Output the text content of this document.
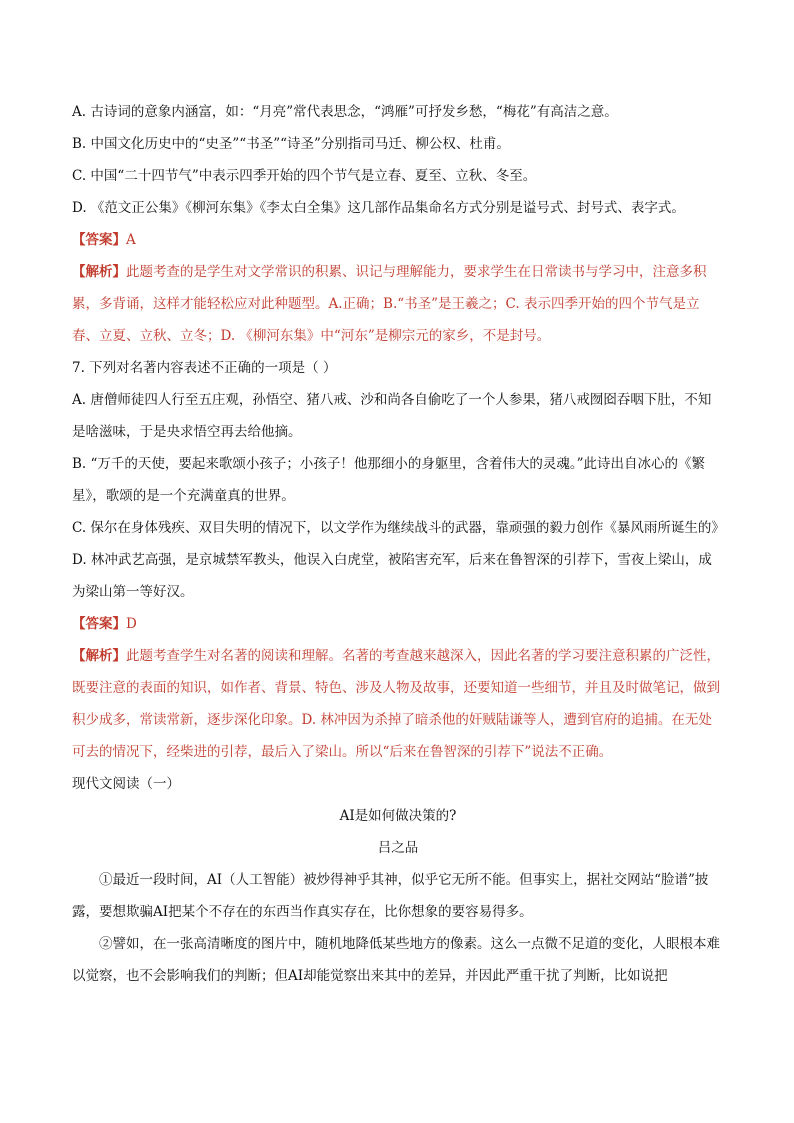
A. 古诗词的意象内涵富，如：“月亮”常代表思念，“鸿雁”可抒发乡愁，“梅花”有高洁之意。
B. 中国文化历史中的“史圣”“书圣”“诗圣”分别指司马迁、柳公权、杜甫。
C. 中国“二十四节气”中表示四季开始的四个节气是立春、夏至、立秋、冬至。
D. 《范文正公集》《柳河东集》《李太白全集》这几部作品集命名方式分别是谥号式、封号式、表字式。
【答案】A
【解析】此题考查的是学生对文学常识的积累、识记与理解能力，要求学生在日常读书与学习中，注意多积累，多背诵，这样才能轻松应对此种题型。A.正确；B.“书圣”是王羲之；C. 表示四季开始的四个节气是立春、立夏、立秋、立冬；D. 《柳河东集》中“河东”是柳宗元的家乡，不是封号。
7. 下列对名著内容表述不正确的一项是（ ）
A. 唐僧师徒四人行至五庄观，孙悟空、猪八戒、沙和尚各自偷吃了一个人参果，猪八戒囫囵吞咽下肚，不知是啥滋味，于是央求悟空再去给他摘。
B. “万千的天使，要起来歌颂小孩子；小孩子！他那细小的身躯里，含着伟大的灵魂。”此诗出自冰心的《繁星》，歌颂的是一个充满童真的世界。
C. 保尔在身体残疾、双目失明的情况下，以文学作为继续战斗的武器，靠顽强的毅力创作《暴风雨所诞生的》
D. 林冲武艺高强，是京城禁军教头，他误入白虎堂，被陷害充军，后来在鲁智深的引荐下，雪夜上梁山，成为梁山第一等好汉。
【答案】D
【解析】此题考查学生对名著的阅读和理解。名著的考查越来越深入，因此名著的学习要注意积累的广泛性，既要注意的表面的知识，如作者、背景、特色、涉及人物及故事，还要知道一些细节，并且及时做笔记，做到积少成多，常读常新，逐步深化印象。D. 林冲因为杀掉了暗杀他的奸贼陆谦等人，遭到官府的追捕。在无处可去的情况下，经柴进的引荐，最后入了梁山。所以“后来在鲁智深的引荐下”说法不正确。
现代文阅读（一）
AI是如何做决策的?
吕之品
①最近一段时间，AI（人工智能）被炒得神乎其神，似乎它无所不能。但事实上，据社交网站“脸谱”披露，要想欺骗AI把某个不存在的东西当作真实存在，比你想象的要容易得多。
②譬如，在一张高清晰度的图片中，随机地降低某些地方的像素。这么一点微不足道的变化，人眼根本难以觉察，也不会影响我们的判断；但AI却能觉察出来其中的差异，并因此严重干扰了判断，比如说把
